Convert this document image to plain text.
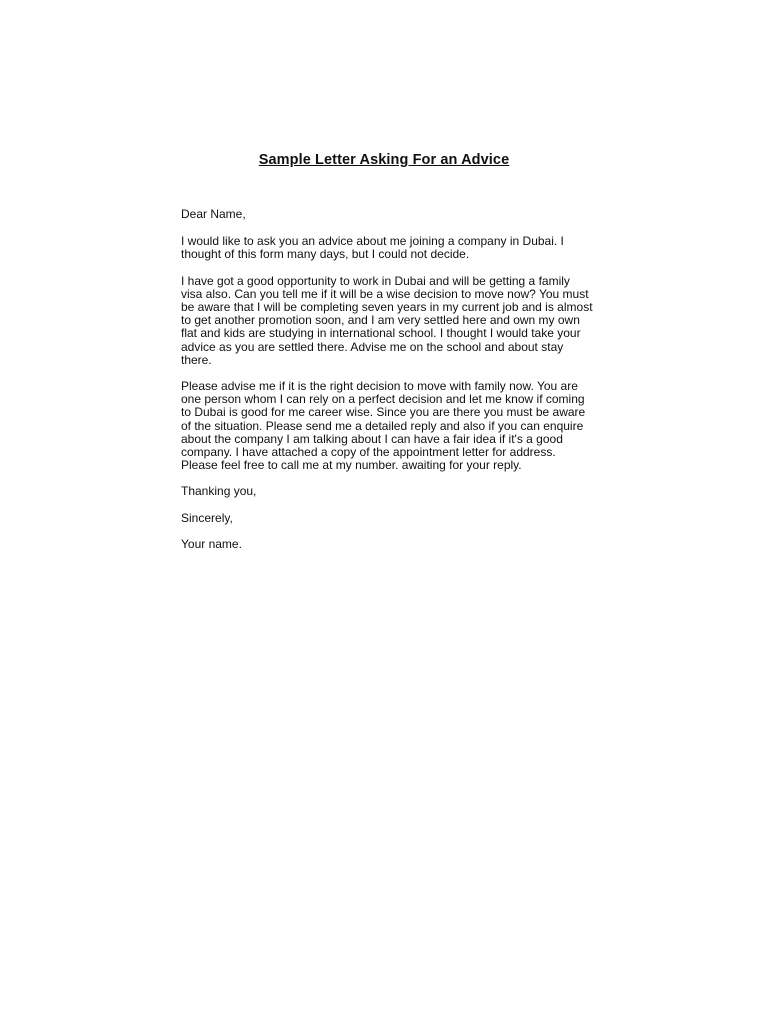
Sample Letter Asking For an Advice

Dear Name,

I would like to ask you an advice about me joining a company in Dubai. I thought of this form many days, but I could not decide.

I have got a good opportunity to work in Dubai and will be getting a family visa also. Can you tell me if it will be a wise decision to move now? You must be aware that I will be completing seven years in my current job and is almost to get another promotion soon, and I am very settled here and own my own flat and kids are studying in international school. I thought I would take your advice as you are settled there. Advise me on the school and about stay there.

Please advise me if it is the right decision to move with family now. You are one person whom I can rely on a perfect decision and let me know if coming to Dubai is good for me career wise. Since you are there you must be aware of the situation. Please send me a detailed reply and also if you can enquire about the company I am talking about I can have a fair idea if it's a good company. I have attached a copy of the appointment letter for address. Please feel free to call me at my number. awaiting for your reply.

Thanking you,

Sincerely,

Your name.
